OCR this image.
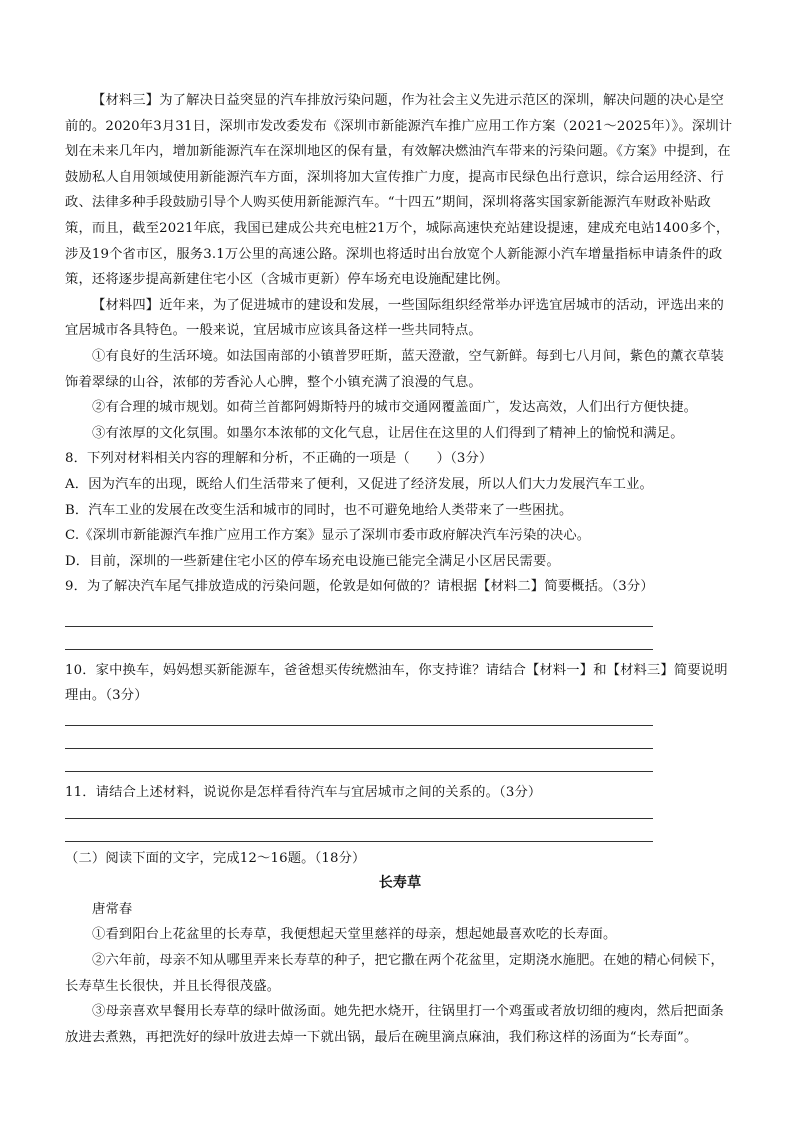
【材料三】为了解决日益突显的汽车排放污染问题，作为社会主义先进示范区的深圳，解决问题的决心是空前的。2020年3月31日，深圳市发改委发布《深圳市新能源汽车推广应用工作方案（2021～2025年）》。深圳计划在未来几年内，增加新能源汽车在深圳地区的保有量，有效解决燃油汽车带来的污染问题。《方案》中提到，在鼓励私人自用领域使用新能源汽车方面，深圳将加大宣传推广力度，提高市民绿色出行意识，综合运用经济、行政、法律多种手段鼓励引导个人购买使用新能源汽车。“十四五”期间，深圳将落实国家新能源汽车财政补贴政策，而且，截至2021年底，我国已建成公共充电桩21万个，城际高速快充站建设提速，建成充电站1400多个，涉及19个省市区，服务3.1万公里的高速公路。深圳也将适时出台放宽个人新能源小汽车增量指标申请条件的政策，还将逐步提高新建住宅小区（含城市更新）停车场充电设施配建比例。

【材料四】近年来，为了促进城市的建设和发展，一些国际组织经常举办评选宜居城市的活动，评选出来的宜居城市各具特色。一般来说，宜居城市应该具备这样一些共同特点。

①有良好的生活环境。如法国南部的小镇普罗旺斯，蓝天澄澈，空气新鲜。每到七八月间，紫色的薰衣草装饰着翠绿的山谷，浓郁的芳香沁人心脾，整个小镇充满了浪漫的气息。

②有合理的城市规划。如荷兰首都阿姆斯特丹的城市交通网覆盖面广，发达高效，人们出行方便快捷。

③有浓厚的文化氛围。如墨尔本浓郁的文化气息，让居住在这里的人们得到了精神上的愉悦和满足。

8．下列对材料相关内容的理解和分析，不正确的一项是（　　）（3分）

A．因为汽车的出现，既给人们生活带来了便利，又促进了经济发展，所以人们大力发展汽车工业。

B．汽车工业的发展在改变生活和城市的同时，也不可避免地给人类带来了一些困扰。

C.《深圳市新能源汽车推广应用工作方案》显示了深圳市委市政府解决汽车污染的决心。

D．目前，深圳的一些新建住宅小区的停车场充电设施已能完全满足小区居民需要。

9．为了解决汽车尾气排放造成的污染问题，伦敦是如何做的？请根据【材料二】简要概括。（3分）

10．家中换车，妈妈想买新能源车，爸爸想买传统燃油车，你支持谁？请结合【材料一】和【材料三】简要说明理由。（3分）

11．请结合上述材料，说说你是怎样看待汽车与宜居城市之间的关系的。（3分）

（二）阅读下面的文字，完成12～16题。（18分）

长寿草

唐常春

①看到阳台上花盆里的长寿草，我便想起天堂里慈祥的母亲，想起她最喜欢吃的长寿面。

②六年前，母亲不知从哪里弄来长寿草的种子，把它撒在两个花盆里，定期浇水施肥。在她的精心伺候下，长寿草生长很快，并且长得很茂盛。

③母亲喜欢早餐用长寿草的绿叶做汤面。她先把水烧开，往锅里打一个鸡蛋或者放切细的瘦肉，然后把面条放进去煮熟，再把洗好的绿叶放进去焯一下就出锅，最后在碗里滴点麻油，我们称这样的汤面为“长寿面”。
